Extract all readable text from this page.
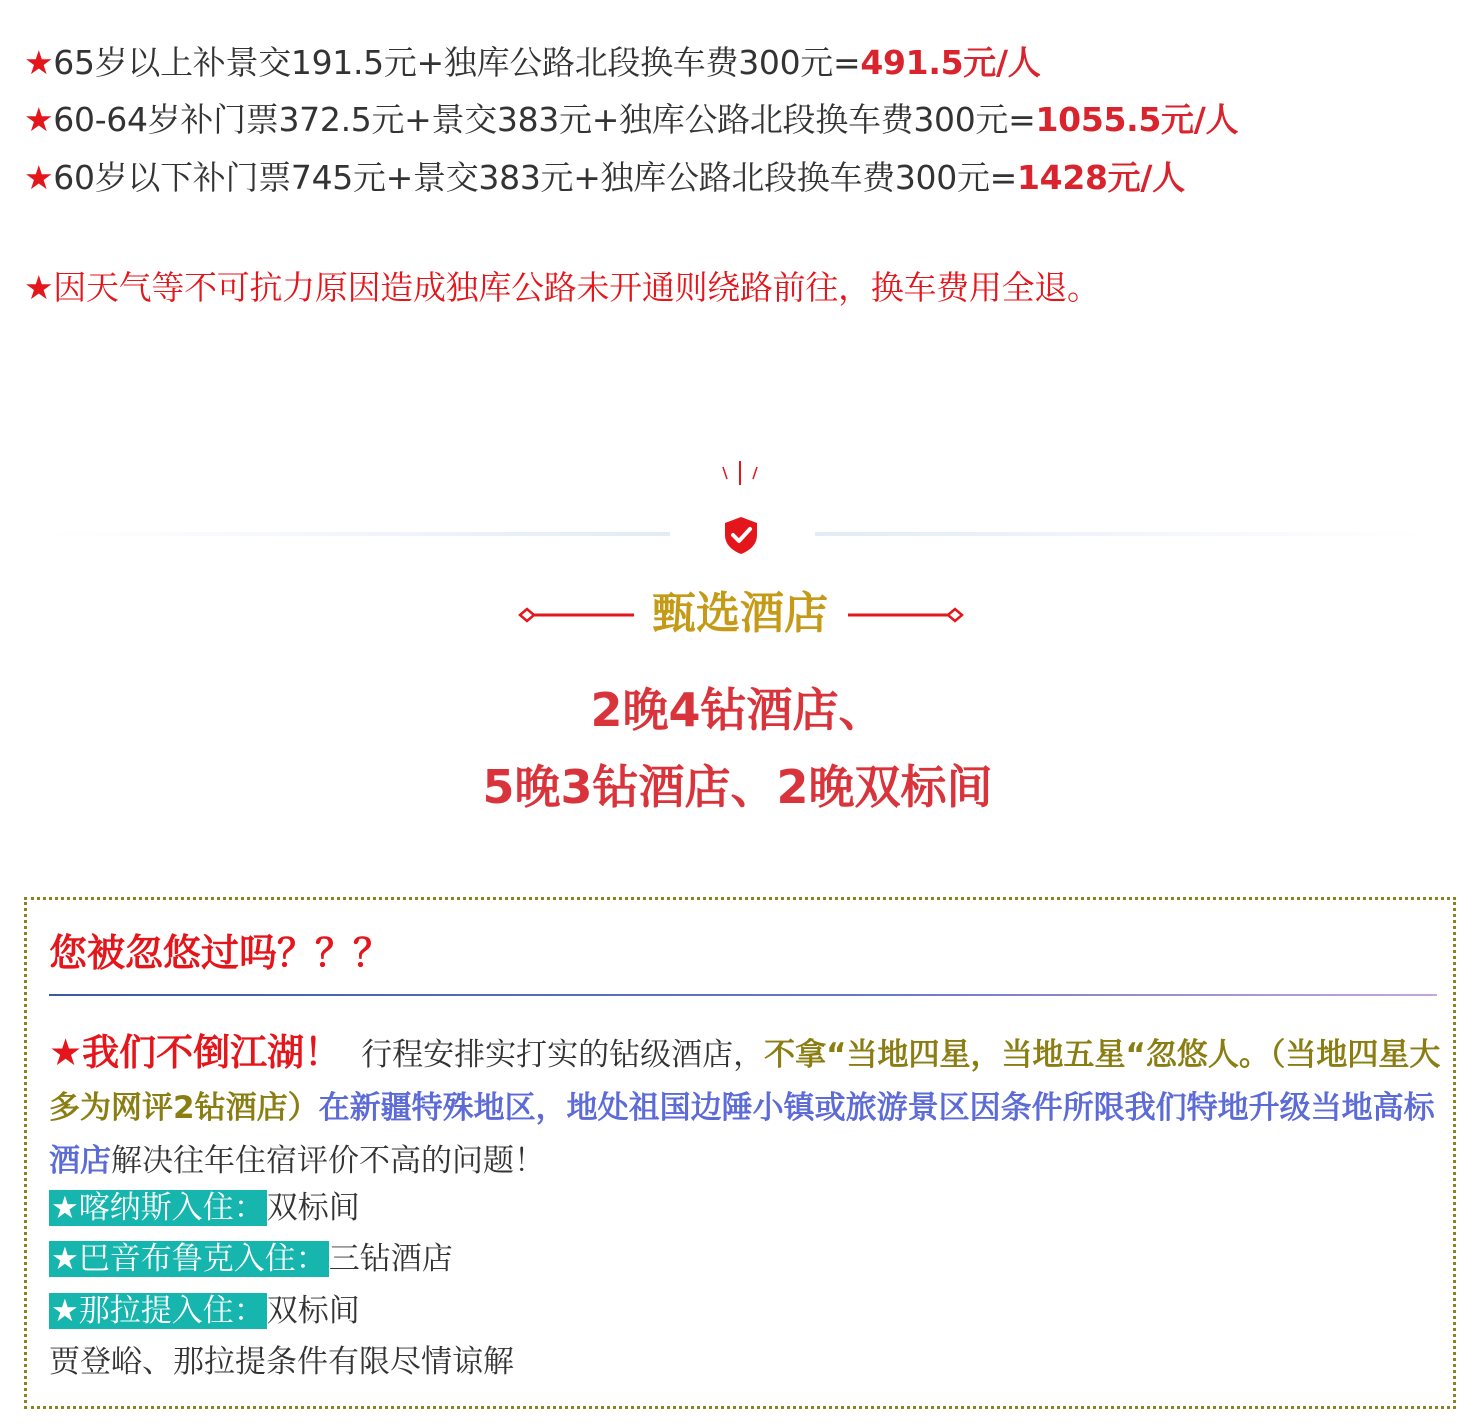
★65岁以上补景交191.5元+独库公路北段换车费300元=491.5元/人
★60-64岁补门票372.5元+景交383元+独库公路北段换车费300元=1055.5元/人
★60岁以下补门票745元+景交383元+独库公路北段换车费300元=1428元/人
★因天气等不可抗力原因造成独库公路未开通则绕路前往，换车费用全退。
甄选酒店
2晚4钻酒店、
5晚3钻酒店、2晚双标间
您被忽悠过吗？？？
★我们不倒江湖！ 行程安排实打实的钻级酒店，不拿“当地四星，当地五星“忽悠人。（当地四星大多为网评2钻酒店）在新疆特殊地区，地处祖国边陲小镇或旅游景区因条件所限我们特地升级当地高标酒店解决往年住宿评价不高的问题！
★喀纳斯入住：双标间
★巴音布鲁克入住：三钻酒店
★那拉提入住：双标间
贾登峪、那拉提条件有限尽情谅解
